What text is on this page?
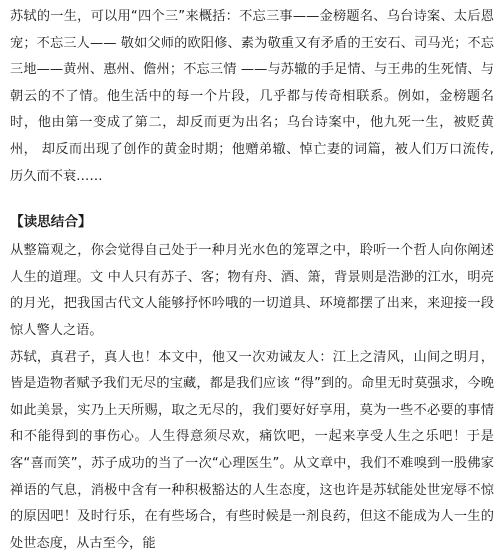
苏轼的一生，可以用“四个三”来概括：不忘三事——金榜题名、乌台诗案、太后恩宠；不忘三人—— 敬如父师的欧阳修、素为敬重又有矛盾的王安石、司马光；不忘三地——黄州、惠州、儋州；不忘三情 ——与苏辙的手足情、与王弗的生死情、与朝云的不了情。他生活中的每一个片段，几乎都与传奇相联系。例如，金榜题名时，他由第一变成了第二，却反而更为出名；乌台诗案中，他九死一生，被贬黄州， 却反而出现了创作的黄金时期；他赠弟辙、悼亡妻的词篇，被人们万口流传,历久而不衰……

【读思结合】

从整篇观之，你会觉得自己处于一种月光水色的笼罩之中，聆听一个哲人向你阐述人生的道理。文 中人只有苏子、客；物有舟、酒、箫，背景则是浩渺的江水，明亮的月光，把我国古代文人能够抒怀吟哦的一切道具、环境都摆了出来，来迎接一段惊人警人之语。

苏轼，真君子，真人也！本文中，他又一次劝诫友人：江上之清风，山间之明月，皆是造物者赋予我们无尽的宝藏，都是我们应该 “得”到的。命里无时莫强求，今晚如此美景，实乃上天所赐，取之无尽的，我们要好好享用，莫为一些不必要的事情和不能得到的事伤心。人生得意须尽欢，痛饮吧，一起来享受人生之乐吧！于是客“喜而笑”，苏子成功的当了一次“心理医生”。从文章中，我们不难嗅到一股佛家禅语的气息，消极中含有一种积极豁达的人生态度，这也许是苏轼能处世宠辱不惊的原因吧！及时行乐，在有些场合，有些时候是一剂良药，但这不能成为人一生的处世态度，从古至今，能
